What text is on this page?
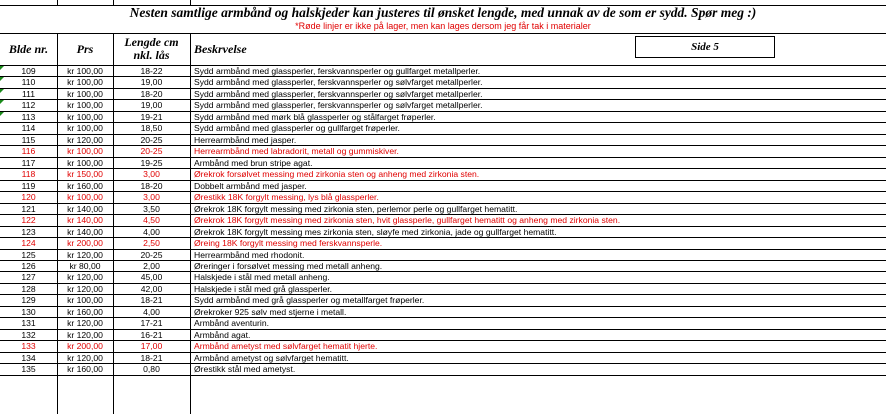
Nesten samtlige armbånd og halskjeder kan justeres til ønsket lengde, med unnak av de som er sydd. Spør meg :)
*Røde linjer er ikke på lager, men kan lages dersom jeg får tak i materialer
Blde nr.	Prs	Lengde cm nkl. lås	Beskrvelse	Side 5
109	kr 100,00	18-22	Sydd armbånd med glassperler, ferskvannsperler og gullfarget metallperler.
110	kr 100,00	19,00	Sydd armbånd med glassperler, ferskvannsperler og sølvfarget metallperler.
111	kr 100,00	18-20	Sydd armbånd med glassperler, ferskvannsperler og sølvfarget metallperler.
112	kr 100,00	19,00	Sydd armbånd med glassperler, ferskvannsperler og sølvfarget metallperler.
113	kr 100,00	19-21	Sydd armbånd med mørk blå glassperler og stålfarget frøperler.
114	kr 100,00	18,50	Sydd armbånd med glassperler og gullfarget frøperler.
115	kr 120,00	20-25	Herrearmbånd med jasper.
116	kr 100,00	20-25	Herrearmbånd med labradorit, metall og gummiskiver.
117	kr 100,00	19-25	Armbånd med brun stripe agat.
118	kr 150,00	3,00	Ørekrok forsølvet messing med zirkonia sten og anheng med zirkonia sten.
119	kr 160,00	18-20	Dobbelt armbånd med jasper.
120	kr 100,00	3,00	Ørestikk 18K forgylt messing, lys blå glassperler.
121	kr 140,00	3,50	Ørekrok 18K forgylt messing med zirkonia sten, perlemor perle og gullfarget hematitt.
122	kr 140,00	4,50	Ørekrok 18K forgylt messing med zirkonia sten, hvit glassperle, gullfarget hematitt og anheng med zirkonia sten.
123	kr 140,00	4,00	Ørekrok 18K forgylt messing mes zirkonia sten, sløyfe med zirkonia, jade og gullfarget hematitt.
124	kr 200,00	2,50	Øreing 18K forgylt messing med ferskvannsperle.
125	kr 120,00	20-25	Herrearmbånd med rhodonit.
126	kr 80,00	2,00	Øreringer i forsølvet messing med metall anheng.
127	kr 120,00	45,00	Halskjede i stål med metall anheng.
128	kr 120,00	42,00	Halskjede i stål med grå glassperler.
129	kr 100,00	18-21	Sydd armbånd med grå glassperler og metallfarget frøperler.
130	kr 160,00	4,00	Ørekroker 925 sølv med stjerne i metall.
131	kr 120,00	17-21	Armbånd aventurin.
132	kr 120,00	16-21	Armbånd agat.
133	kr 200,00	17,00	Armbånd ametyst med sølvfarget hematit hjerte.
134	kr 120,00	18-21	Armbånd ametyst og sølvfarget hematitt.
135	kr 160,00	0,80	Ørestikk stål med ametyst.
